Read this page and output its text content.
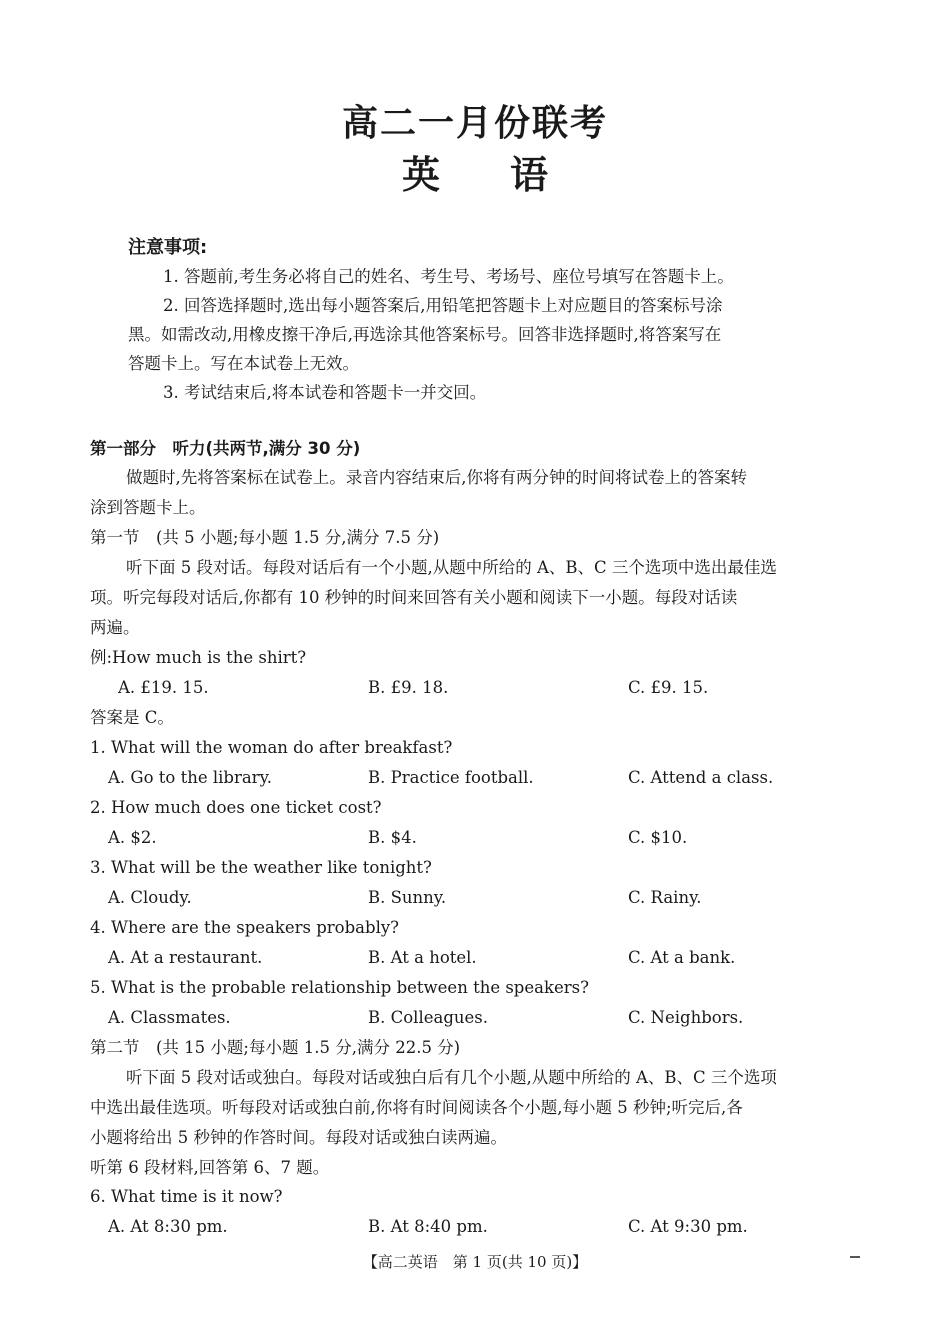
高二一月份联考
英语
注意事项:
1. 答题前,考生务必将自己的姓名、考生号、考场号、座位号填写在答题卡上。
2. 回答选择题时,选出每小题答案后,用铅笔把答题卡上对应题目的答案标号涂
黑。如需改动,用橡皮擦干净后,再选涂其他答案标号。回答非选择题时,将答案写在
答题卡上。写在本试卷上无效。
3. 考试结束后,将本试卷和答题卡一并交回。
第一部分　听力(共两节,满分 30 分)
做题时,先将答案标在试卷上。录音内容结束后,你将有两分钟的时间将试卷上的答案转
涂到答题卡上。
第一节　(共 5 小题;每小题 1.5 分,满分 7.5 分)
听下面 5 段对话。每段对话后有一个小题,从题中所给的 A、B、C 三个选项中选出最佳选
项。听完每段对话后,你都有 10 秒钟的时间来回答有关小题和阅读下一小题。每段对话读
两遍。
例:How much is the shirt?
A. £19. 15.	B. £9. 18.	C. £9. 15.
答案是 C。
1. What will the woman do after breakfast?
A. Go to the library.	B. Practice football.	C. Attend a class.
2. How much does one ticket cost?
A. $2.	B. $4.	C. $10.
3. What will be the weather like tonight?
A. Cloudy.	B. Sunny.	C. Rainy.
4. Where are the speakers probably?
A. At a restaurant.	B. At a hotel.	C. At a bank.
5. What is the probable relationship between the speakers?
A. Classmates.	B. Colleagues.	C. Neighbors.
第二节　(共 15 小题;每小题 1.5 分,满分 22.5 分)
听下面 5 段对话或独白。每段对话或独白后有几个小题,从题中所给的 A、B、C 三个选项
中选出最佳选项。听每段对话或独白前,你将有时间阅读各个小题,每小题 5 秒钟;听完后,各
小题将给出 5 秒钟的作答时间。每段对话或独白读两遍。
听第 6 段材料,回答第 6、7 题。
6. What time is it now?
A. At 8:30 pm.	B. At 8:40 pm.	C. At 9:30 pm.
【高二英语　第 1 页(共 10 页)】
